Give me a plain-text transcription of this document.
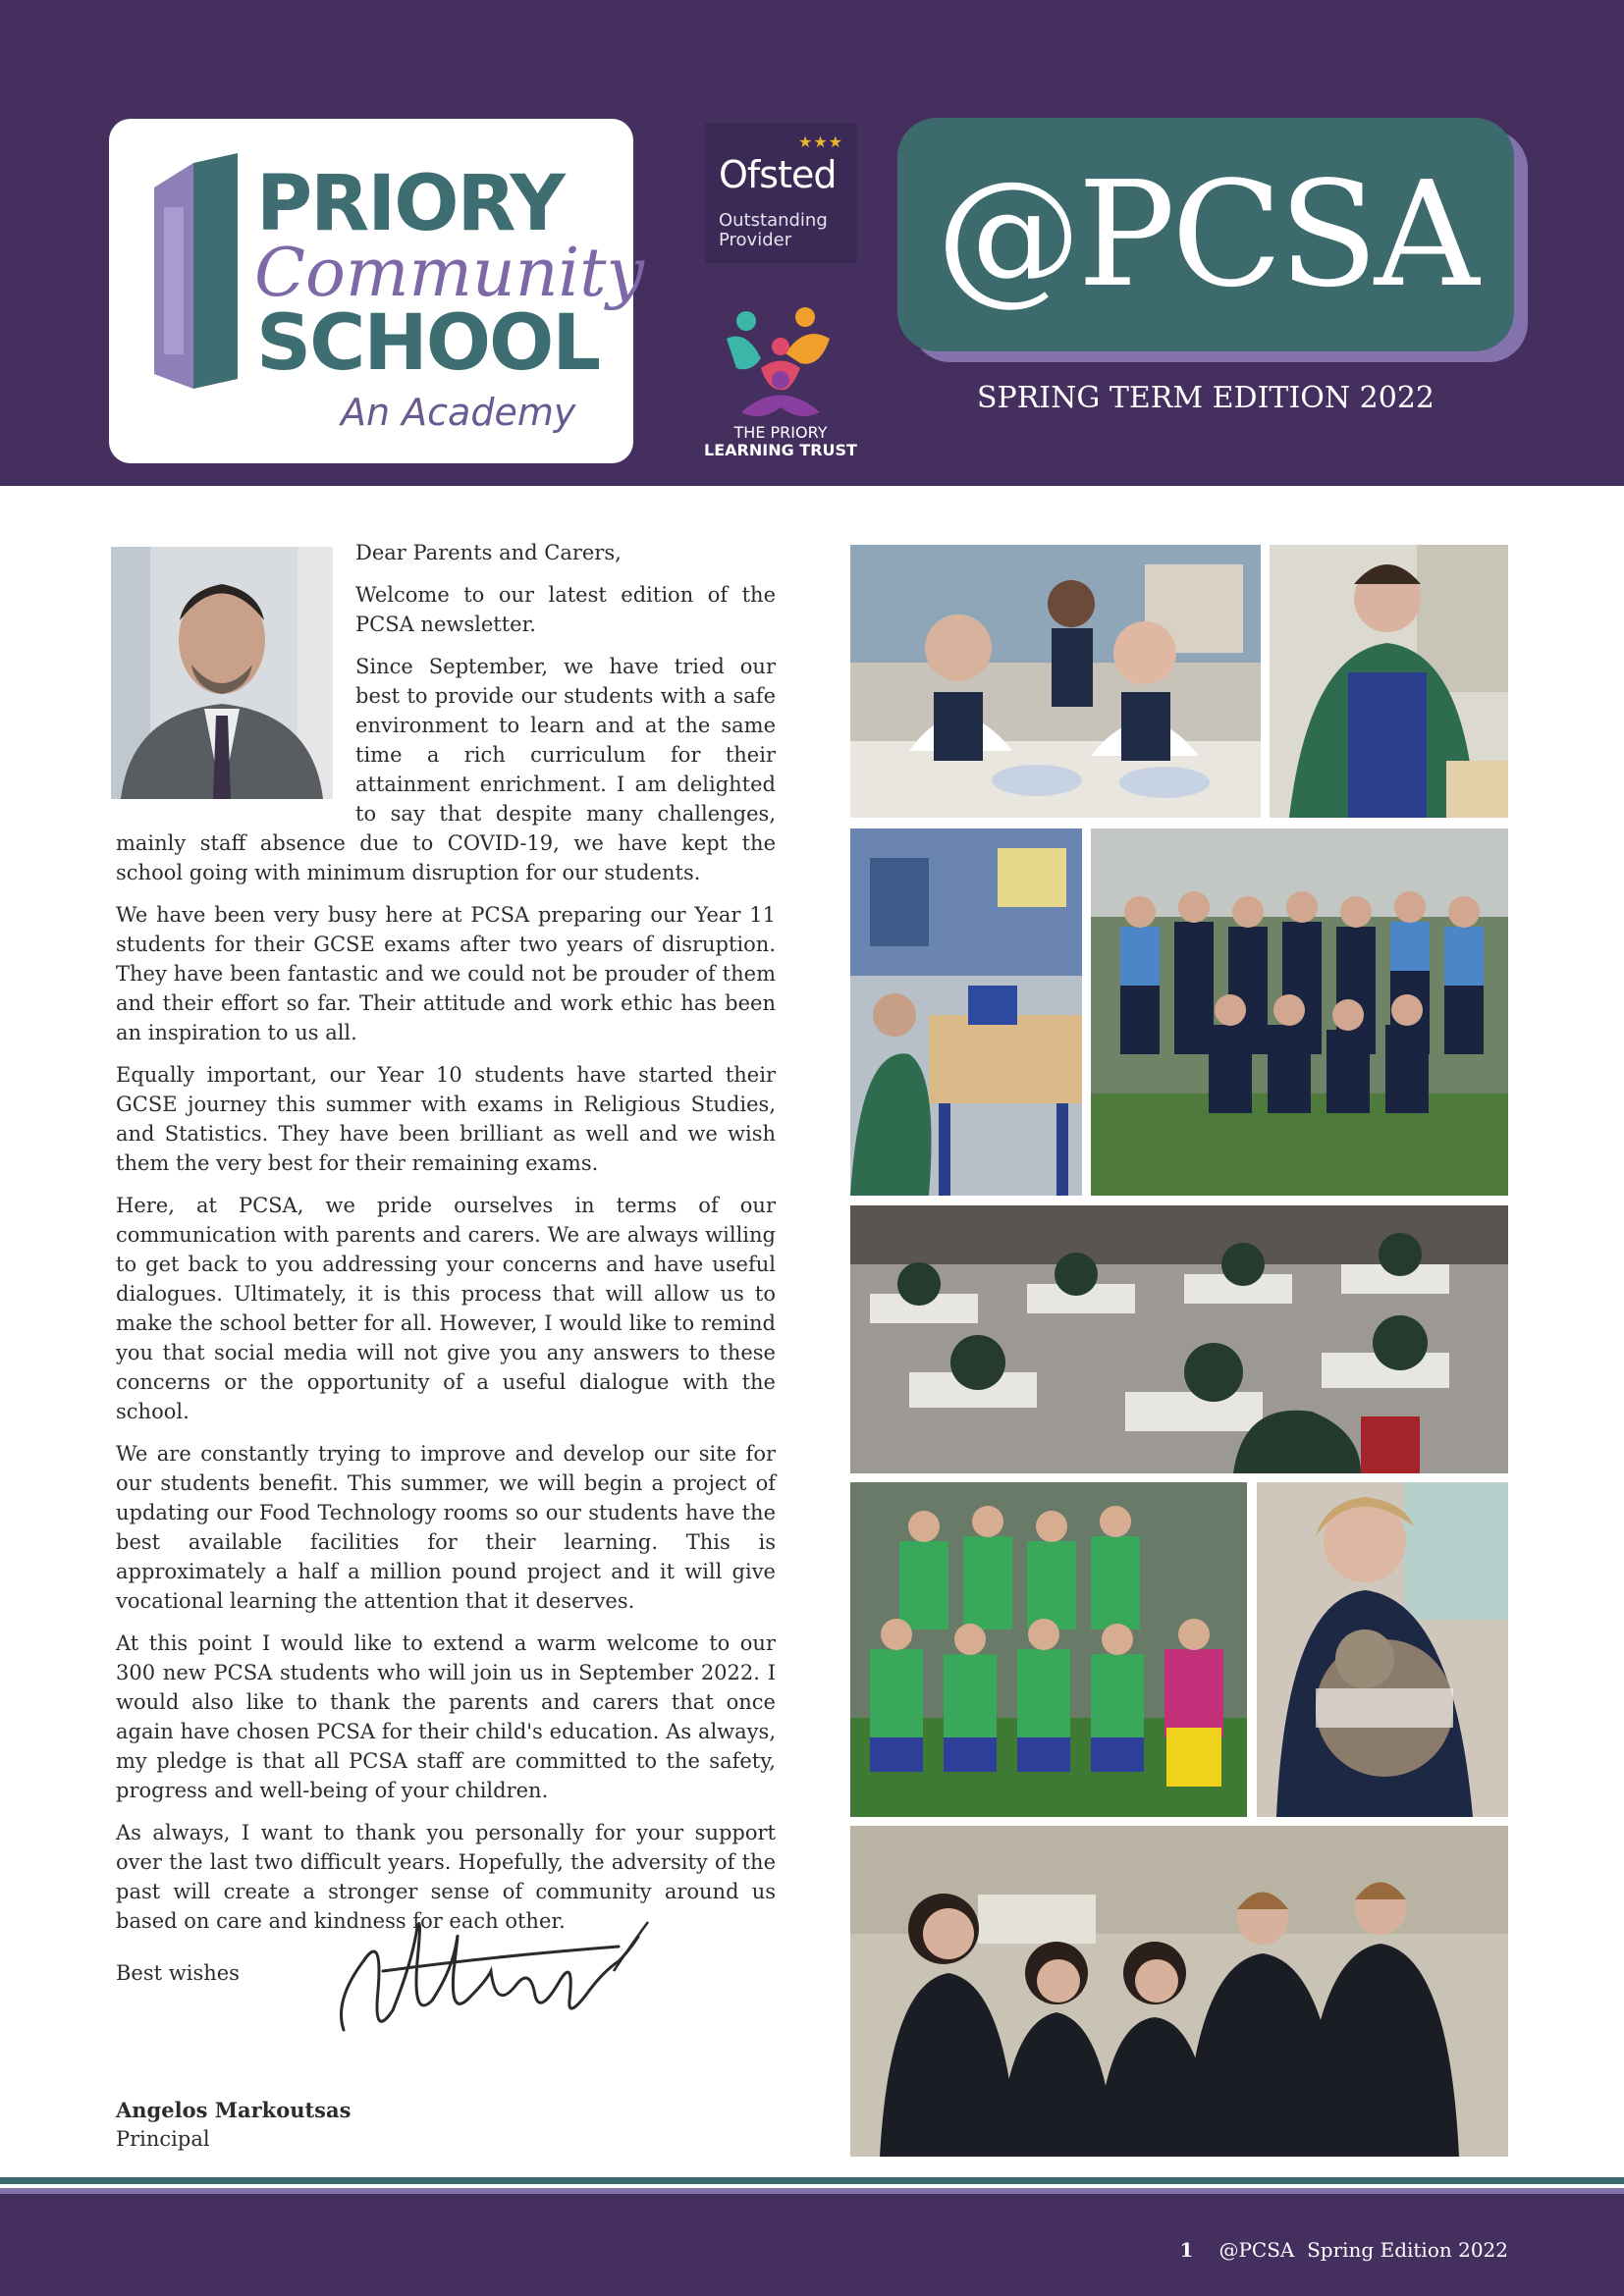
PRIORY
Community
SCHOOL
An Academy
★★★
Ofsted
Outstanding
Provider
THE PRIORY
LEARNING TRUST
@PCSA
SPRING TERM EDITION 2022

Dear Parents and Carers,

Welcome to our latest edition of the PCSA newsletter.

Since September, we have tried our best to provide our students with a safe environment to learn and at the same time a rich curriculum for their attainment enrichment. I am delighted to say that despite many challenges, mainly staff absence due to COVID-19, we have kept the school going with minimum disruption for our students.

We have been very busy here at PCSA preparing our Year 11 students for their GCSE exams after two years of disruption. They have been fantastic and we could not be prouder of them and their effort so far. Their attitude and work ethic has been an inspiration to us all.

Equally important, our Year 10 students have started their GCSE journey this summer with exams in Religious Studies, and Statistics. They have been brilliant as well and we wish them the very best for their remaining exams.

Here, at PCSA, we pride ourselves in terms of our communication with parents and carers. We are always willing to get back to you addressing your concerns and have useful dialogues. Ultimately, it is this process that will allow us to make the school better for all. However, I would like to remind you that social media will not give you any answers to these concerns or the opportunity of a useful dialogue with the school.

We are constantly trying to improve and develop our site for our students benefit. This summer, we will begin a project of updating our Food Technology rooms so our students have the best available facilities for their learning. This is approximately a half a million pound project and it will give vocational learning the attention that it deserves.

At this point I would like to extend a warm welcome to our 300 new PCSA students who will join us in September 2022. I would also like to thank the parents and carers that once again have chosen PCSA for their child's education. As always, my pledge is that all PCSA staff are committed to the safety, progress and well-being of your children.

As always, I want to thank you personally for your support over the last two difficult years. Hopefully, the adversity of the past will create a stronger sense of community around us based on care and kindness for each other.

Best wishes
Angelos Markoutsas
Principal
1 @PCSA  Spring Edition 2022
